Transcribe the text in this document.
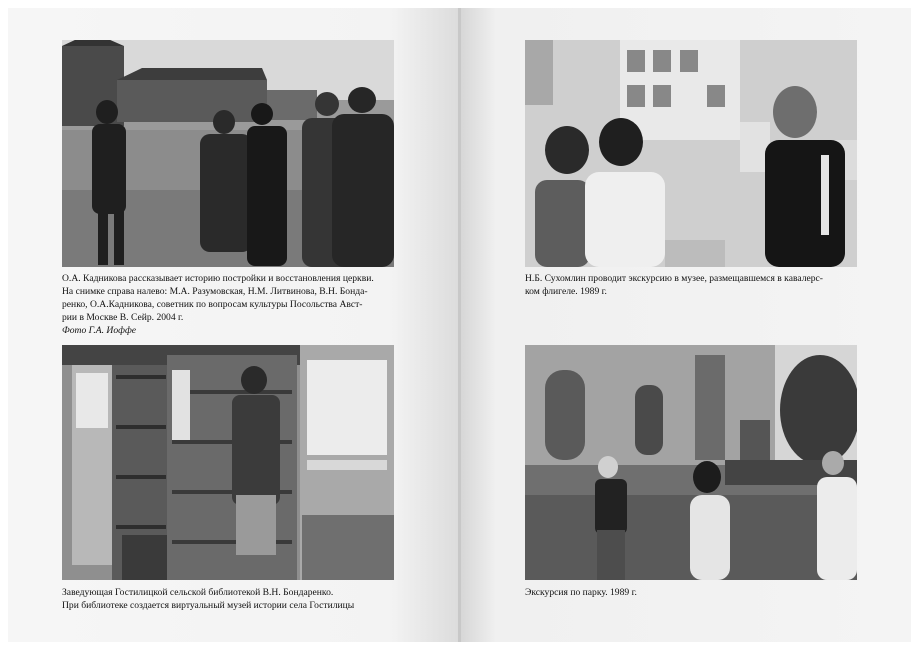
О.А. Кадникова рассказывает историю постройки и восстановления церкви.

На снимке справа налево: М.А. Разумовская, Н.М. Литвинова, В.Н. Бонда-

ренко, О.А.Кадникова, советник по вопросам культуры Посольства Авст-

рии в Москве В. Сейр. 2004 г.

Фото Г.А. Иоффе

Заведующая Гостилицкой сельской библиотекой В.Н. Бондаренко.

При библиотеке создается виртуальный музей истории села Гостилицы

Н.Б. Сухомлин проводит экскурсию в музее, размещавшемся в кавалерс-

ком флигеле. 1989 г.

Экскурсия по парку. 1989 г.
